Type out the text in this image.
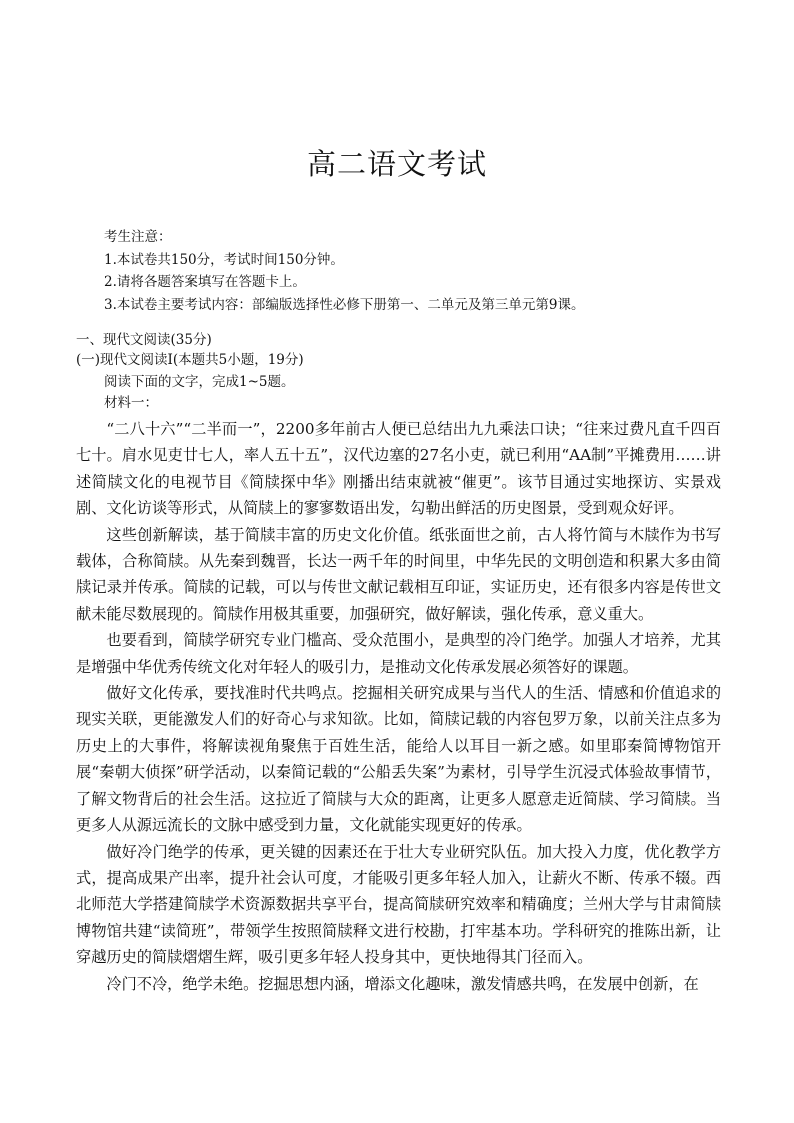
高二语文考试
考生注意：
1.本试卷共150分，考试时间150分钟。
2.请将各题答案填写在答题卡上。
3.本试卷主要考试内容：部编版选择性必修下册第一、二单元及第三单元第9课。
一、现代文阅读(35分)
(一)现代文阅读Ⅰ(本题共5小题，19分)
阅读下面的文字，完成1~5题。
材料一：

“二八十六”“二半而一”，2200多年前古人便已总结出九九乘法口诀；“往来过费凡直千四百七十。肩水见吏廿七人，率人五十五”，汉代边塞的27名小吏，就已利用“AA制”平摊费用……讲述简牍文化的电视节目《简牍探中华》刚播出结束就被“催更”。该节目通过实地探访、实景戏剧、文化访谈等形式，从简牍上的寥寥数语出发，勾勒出鲜活的历史图景，受到观众好评。

这些创新解读，基于简牍丰富的历史文化价值。纸张面世之前，古人将竹简与木牍作为书写载体，合称简牍。从先秦到魏晋，长达一两千年的时间里，中华先民的文明创造和积累大多由简牍记录并传承。简牍的记载，可以与传世文献记载相互印证，实证历史，还有很多内容是传世文献未能尽数展现的。简牍作用极其重要，加强研究，做好解读，强化传承，意义重大。

也要看到，简牍学研究专业门槛高、受众范围小，是典型的冷门绝学。加强人才培养，尤其是增强中华优秀传统文化对年轻人的吸引力，是推动文化传承发展必须答好的课题。

做好文化传承，要找准时代共鸣点。挖掘相关研究成果与当代人的生活、情感和价值追求的现实关联，更能激发人们的好奇心与求知欲。比如，简牍记载的内容包罗万象，以前关注点多为历史上的大事件，将解读视角聚焦于百姓生活，能给人以耳目一新之感。如里耶秦简博物馆开展“秦朝大侦探”研学活动，以秦简记载的“公船丢失案”为素材，引导学生沉浸式体验故事情节，了解文物背后的社会生活。这拉近了简牍与大众的距离，让更多人愿意走近简牍、学习简牍。当更多人从源远流长的文脉中感受到力量，文化就能实现更好的传承。

做好冷门绝学的传承，更关键的因素还在于壮大专业研究队伍。加大投入力度，优化教学方式，提高成果产出率，提升社会认可度，才能吸引更多年轻人加入，让薪火不断、传承不辍。西北师范大学搭建简牍学术资源数据共享平台，提高简牍研究效率和精确度；兰州大学与甘肃简牍博物馆共建“读简班”，带领学生按照简牍释文进行校勘，打牢基本功。学科研究的推陈出新，让穿越历史的简牍熠熠生辉，吸引更多年轻人投身其中，更快地得其门径而入。

冷门不冷，绝学未绝。挖掘思想内涵，增添文化趣味，激发情感共鸣，在发展中创新，在
